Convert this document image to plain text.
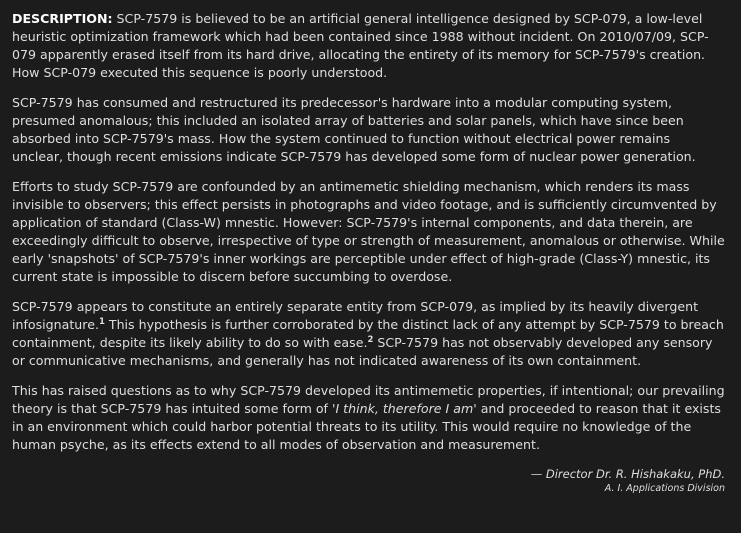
DESCRIPTION: SCP-7579 is believed to be an artificial general intelligence designed by SCP-079, a low-level heuristic optimization framework which had been contained since 1988 without incident. On 2010/07/09, SCP-079 apparently erased itself from its hard drive, allocating the entirety of its memory for SCP-7579's creation. How SCP-079 executed this sequence is poorly understood.

SCP-7579 has consumed and restructured its predecessor's hardware into a modular computing system, presumed anomalous; this included an isolated array of batteries and solar panels, which have since been absorbed into SCP-7579's mass. How the system continued to function without electrical power remains unclear, though recent emissions indicate SCP-7579 has developed some form of nuclear power generation.

Efforts to study SCP-7579 are confounded by an antimemetic shielding mechanism, which renders its mass invisible to observers; this effect persists in photographs and video footage, and is sufficiently circumvented by application of standard (Class-W) mnestic. However: SCP-7579's internal components, and data therein, are exceedingly difficult to observe, irrespective of type or strength of measurement, anomalous or otherwise. While early 'snapshots' of SCP-7579's inner workings are perceptible under effect of high-grade (Class-Y) mnestic, its current state is impossible to discern before succumbing to overdose.

SCP-7579 appears to constitute an entirely separate entity from SCP-079, as implied by its heavily divergent infosignature.$^1$ This hypothesis is further corroborated by the distinct lack of any attempt by SCP-7579 to breach containment, despite its likely ability to do so with ease.$^2$ SCP-7579 has not observably developed any sensory or communicative mechanisms, and generally has not indicated awareness of its own containment.

This has raised questions as to why SCP-7579 developed its antimemetic properties, if intentional; our prevailing theory is that SCP-7579 has intuited some form of 'I think, therefore I am' and proceeded to reason that it exists in an environment which could harbor potential threats to its utility. This would require no knowledge of the human psyche, as its effects extend to all modes of observation and measurement.

— Director Dr. R. Hishakaku, PhD.
A. I. Applications Division
